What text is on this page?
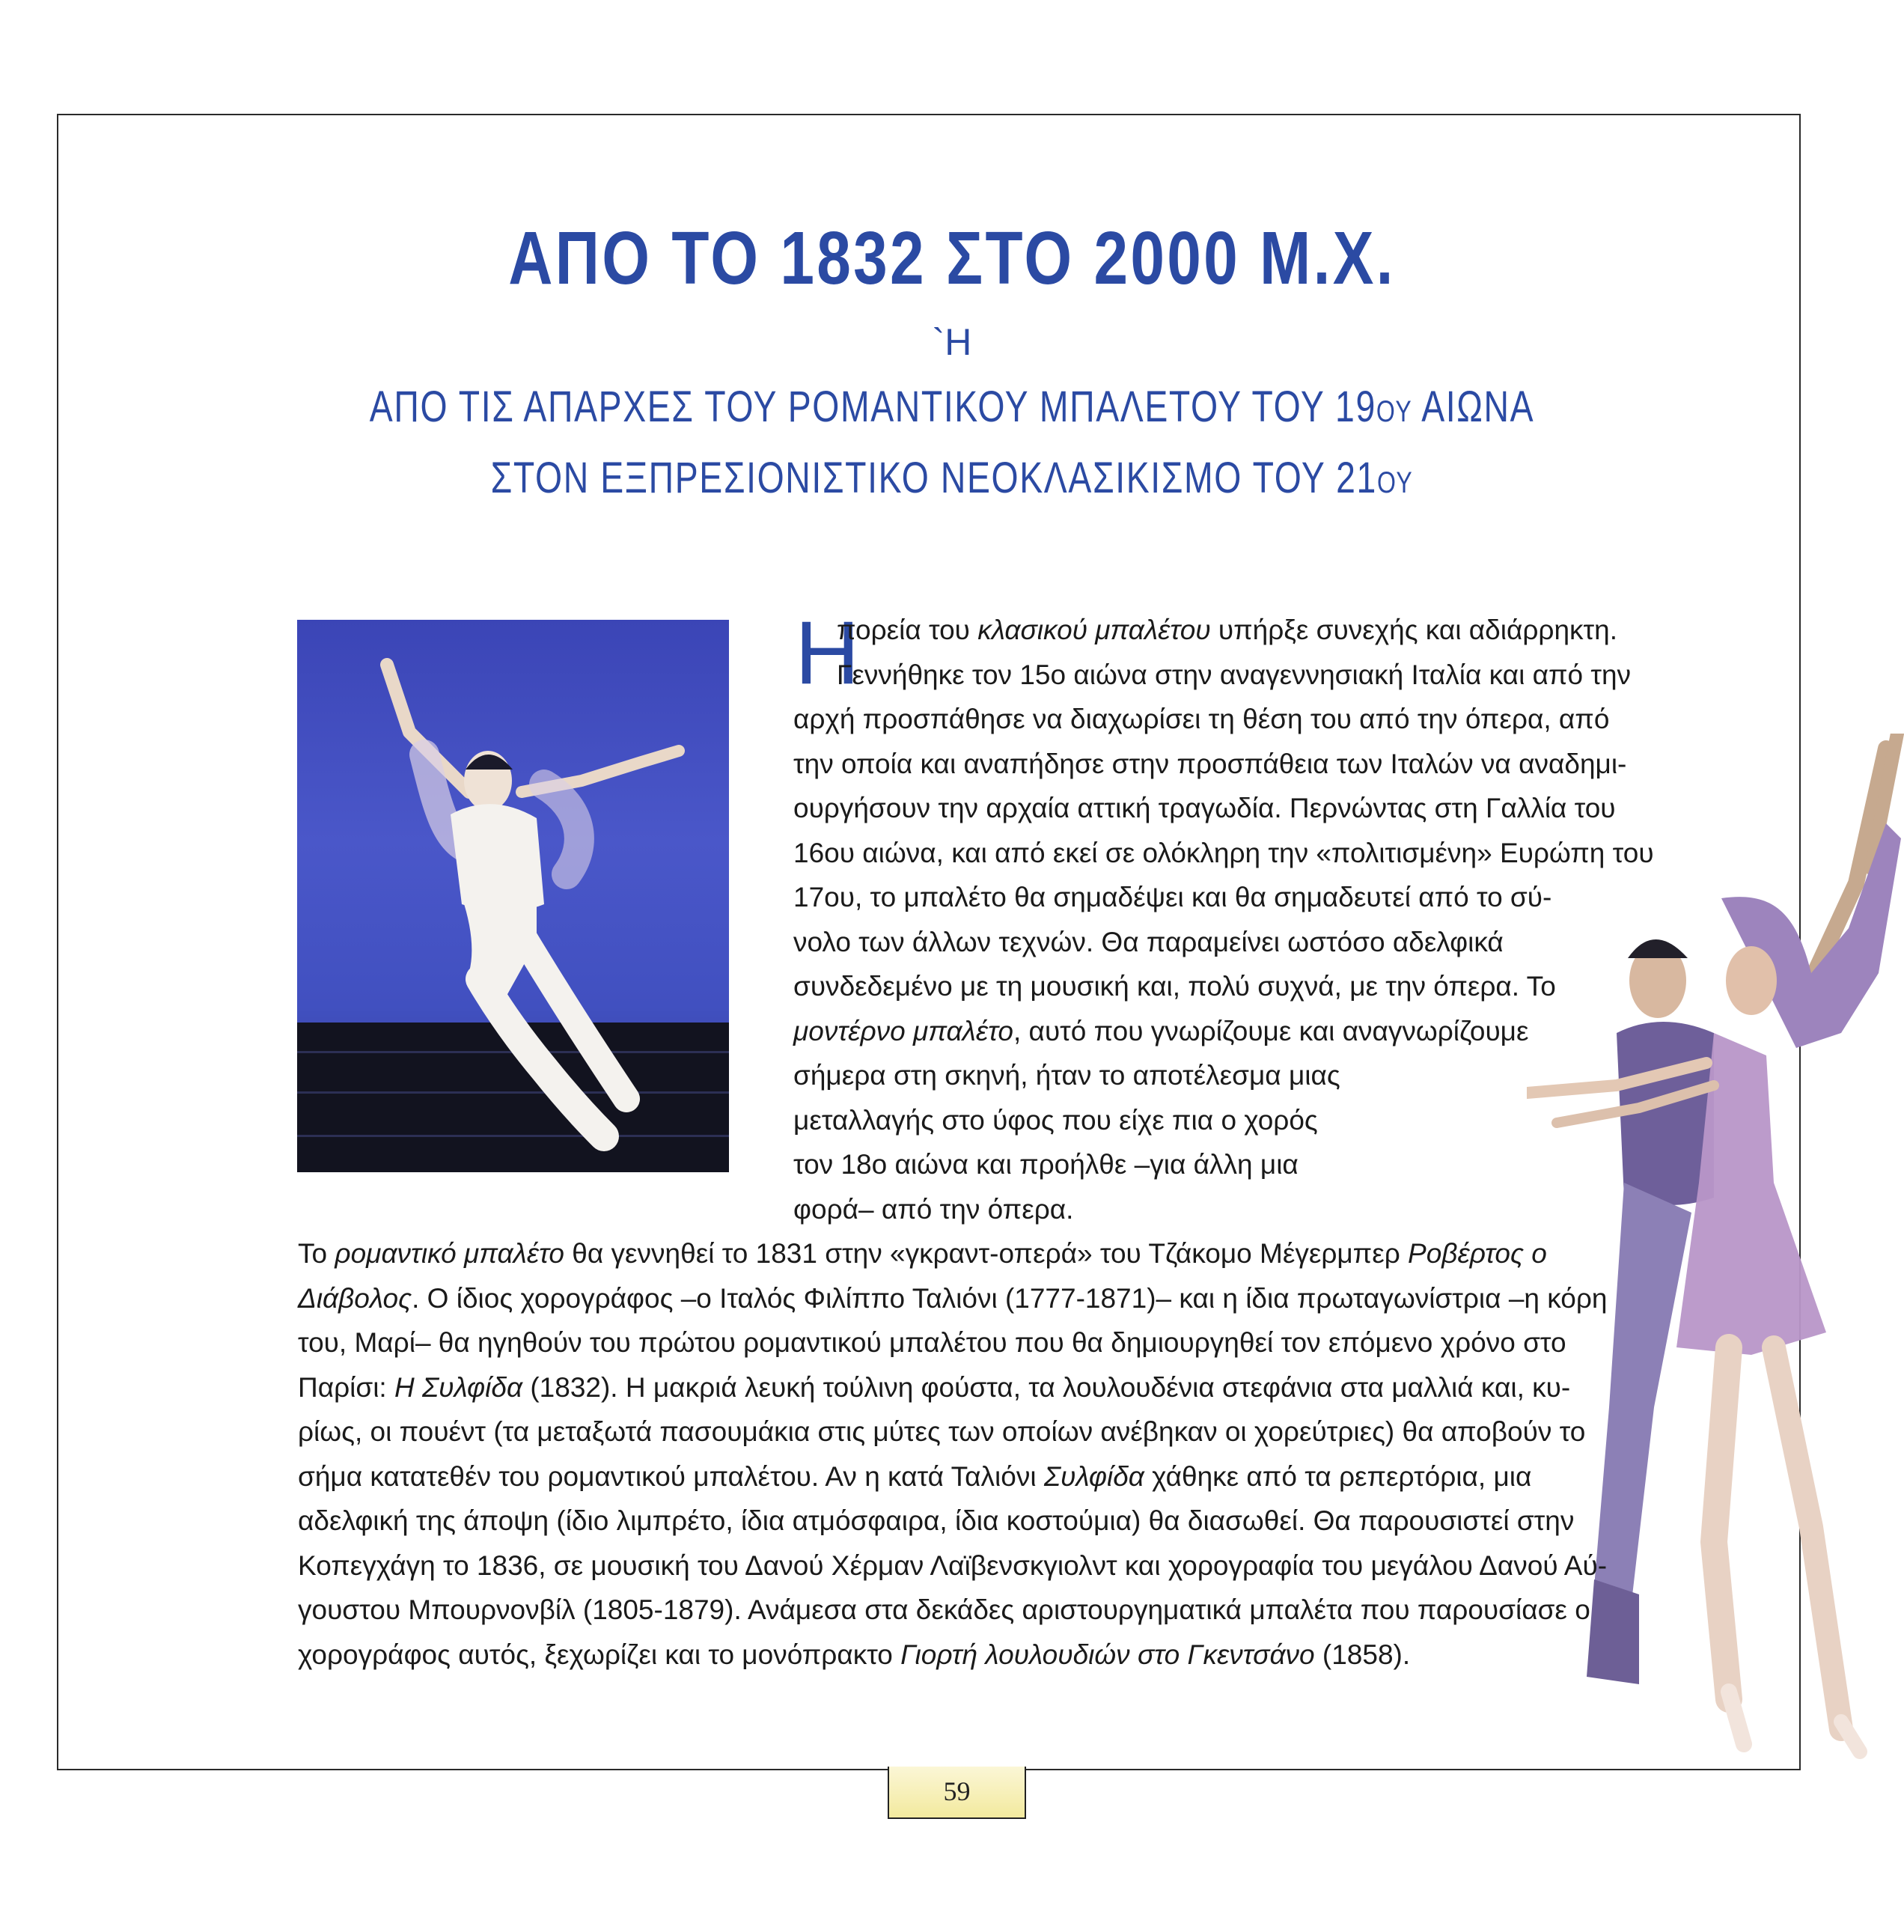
ΑΠΟ ΤΟ 1832 ΣΤΟ 2000 Μ.Χ.
`Η
ΑΠΟ ΤΙΣ ΑΠΑΡΧΕΣ ΤΟΥ ΡΟΜΑΝΤΙΚΟΥ ΜΠΑΛΕΤΟΥ ΤΟΥ 19ΟΥ ΑΙΩΝΑ
ΣΤΟΝ ΕΞΠΡΕΣΙΟΝΙΣΤΙΚΟ ΝΕΟΚΛΑΣΙΚΙΣΜΟ ΤΟΥ 21ΟΥ
Η

πορεία του κλασικού μπαλέτου υπήρξε συνεχής και αδιάρρηκτη.
Γεννήθηκε τον 15ο αιώνα στην αναγεννησιακή Ιταλία και από την
αρχή προσπάθησε να διαχωρίσει τη θέση του από την όπερα, από
την οποία και αναπήδησε στην προσπάθεια των Ιταλών να αναδημι-
ουργήσουν την αρχαία αττική τραγωδία. Περνώντας στη Γαλλία του
16ου αιώνα, και από εκεί σε ολόκληρη την «πολιτισμένη» Ευρώπη του
17ου, το μπαλέτο θα σημαδέψει και θα σημαδευτεί από το σύ-
νολο των άλλων τεχνών. Θα παραμείνει ωστόσο αδελφικά
συνδεδεμένο με τη μουσική και, πολύ συχνά, με την όπερα. Το
μοντέρνο μπαλέτο, αυτό που γνωρίζουμε και αναγνωρίζουμε
σήμερα στη σκηνή, ήταν το αποτέλεσμα μιας
μεταλλαγής στο ύφος που είχε πια ο χορός
τον 18ο αιώνα και προήλθε –για άλλη μια
φορά– από την όπερα.

Το ρομαντικό μπαλέτο θα γεννηθεί το 1831 στην «γκραντ-οπερά» του Τζάκομο Μέγερμπερ Ροβέρτος ο
Διάβολος. Ο ίδιος χορογράφος –ο Ιταλός Φιλίππο Ταλιόνι (1777-1871)– και η ίδια πρωταγωνίστρια –η κόρη
του, Μαρί– θα ηγηθούν του πρώτου ρομαντικού μπαλέτου που θα δημιουργηθεί τον επόμενο χρόνο στο
Παρίσι: Η Συλφίδα (1832). Η μακριά λευκή τούλινη φούστα, τα λουλουδένια στεφάνια στα μαλλιά και, κυ-
ρίως, οι πουέντ (τα μεταξωτά πασουμάκια στις μύτες των οποίων ανέβηκαν οι χορεύτριες) θα αποβούν το
σήμα κατατεθέν του ρομαντικού μπαλέτου. Αν η κατά Ταλιόνι Συλφίδα χάθηκε από τα ρεπερτόρια, μια
αδελφική της άποψη (ίδιο λιμπρέτο, ίδια ατμόσφαιρα, ίδια κοστούμια) θα διασωθεί. Θα παρουσιστεί στην
Κοπεγχάγη το 1836, σε μουσική του Δανού Χέρμαν Λαϊβενσκγιολντ και χορογραφία του μεγάλου Δανού Αύ-
γουστου Μπουρνονβίλ (1805-1879). Ανάμεσα στα δεκάδες αριστουργηματικά μπαλέτα που παρουσίασε ο
χορογράφος αυτός, ξεχωρίζει και το μονόπρακτο Γιορτή λουλουδιών στο Γκεντσάνο (1858).

59
